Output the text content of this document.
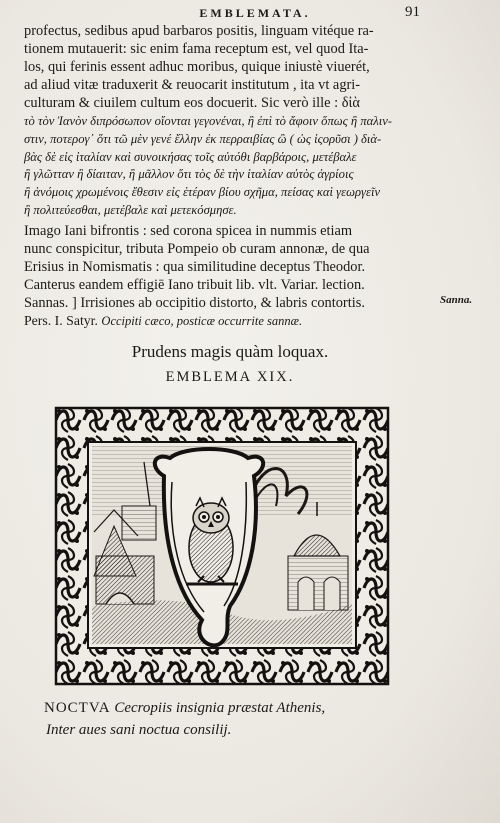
EMBLEMATA.	91

profectus, sedibus apud barbaros positis, linguam vitéque ra-
tionem mutauerit: sic enim fama receptum est, vel quod Ita-
los, qui ferinis essent adhuc moribus, quique iniustè viuerét,
ad aliud vitæ traduxerit & reuocarit institutum , ita vt agri-
culturam & ciuilem cultum eos docuerit. Sic verò ille : δἰὰ

τὸ τὸν Ἰανὸν διπρόσωπον οἴονται γεγονέναι, ἢ ἐπὶ τὸ ἄφοιν ὅπως ἢ παλιν-
στιν, ποτερογ᾽ ὅτι τῶ μὲν γενέ ἔλλην ἐκ περραιβίας ὢ ( ὡς ἱςορῦσι ) διὰ-
βὰς δὲ εἰς ἰταλίαν καὶ συνοικήσας τοῖς αὐτόθι βαρβάροις, μετέβαλε
ἢ γλῶτταν ἢ δίαιταν, ἢ μᾶλλον ὅτι τὸς δὲ τὴν ἰταλίαν αὐτὸς ἀγρίοις
ἢ ἀνόμοις χρωμένοις ἔθεσιν εἰς ἑτέραν βίου σχῆμα, πείσας καὶ γεωργεῖν
ἢ πολιτεύεσθαι, μετέβαλε καὶ μετεκόσμησε.

Imago Iani bifrontis : sed corona spicea in nummis etiam
nunc conspicitur, tributa Pompeio ob curam annonæ, de qua
Erisius in Nomismatis : qua similitudine deceptus Theodor.
Canterus eandem effigiē Iano tribuit lib. vlt. Variar. lection.
Sannas. ] Irrisiones ab occipitio distorto, & labris contortis.

Pers. I. Satyr. Occipiti cæco, posticæ occurrite sannæ.

Sanna.
Prudens magis quàm loquax.
EMBLEMA XIX.
NOCTVA Cecropiis insignia præstat Athenis,
Inter aues sani noctua consilij.
